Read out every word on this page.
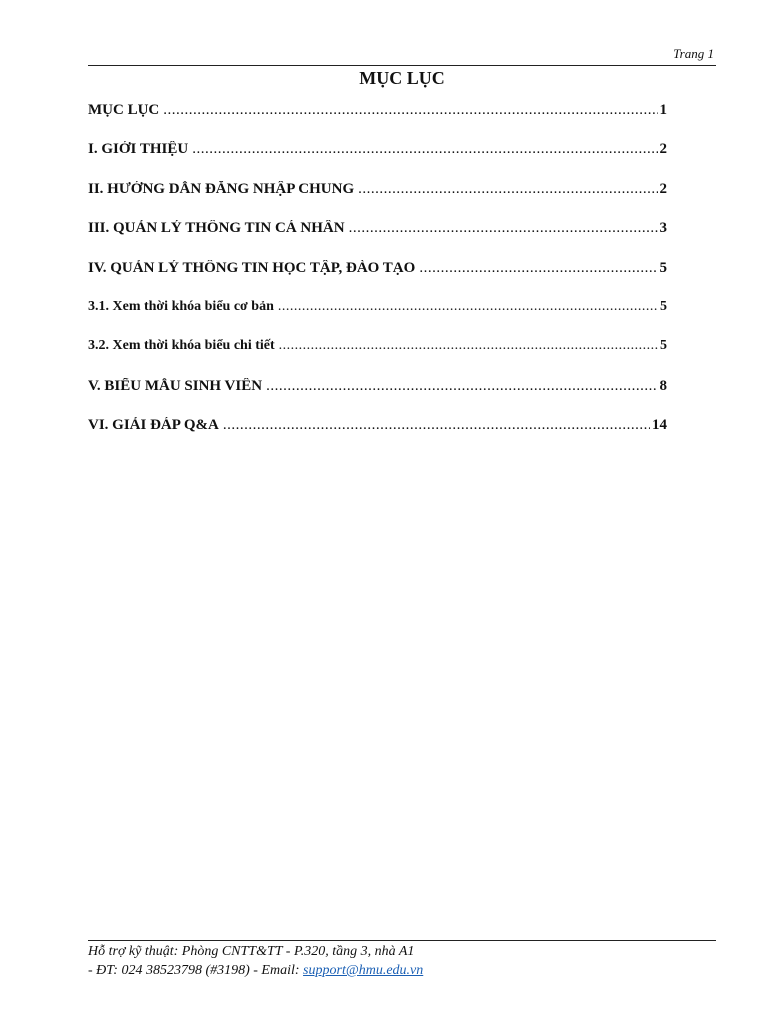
Trang 1
MỤC LỤC
MỤC LỤC .....	1
I. GIỚI THIỆU .....	2
II. HƯỚNG DẪN ĐĂNG NHẬP CHUNG .....	2
III. QUẢN LÝ THÔNG TIN CÁ NHÂN .....	3
IV. QUẢN LÝ THÔNG TIN HỌC TẬP, ĐÀO TẠO .....	5
3.1. Xem thời khóa biểu cơ bản .....	5
3.2. Xem thời khóa biểu chi tiết .....	5
V. BIỂU MẪU SINH VIÊN .....	8
VI. GIẢI ĐÁP Q&A .....	14
Hỗ trợ kỹ thuật: Phòng CNTT&TT - P.320, tầng 3, nhà A1
- ĐT: 024 38523798 (#3198) - Email: support@hmu.edu.vn
